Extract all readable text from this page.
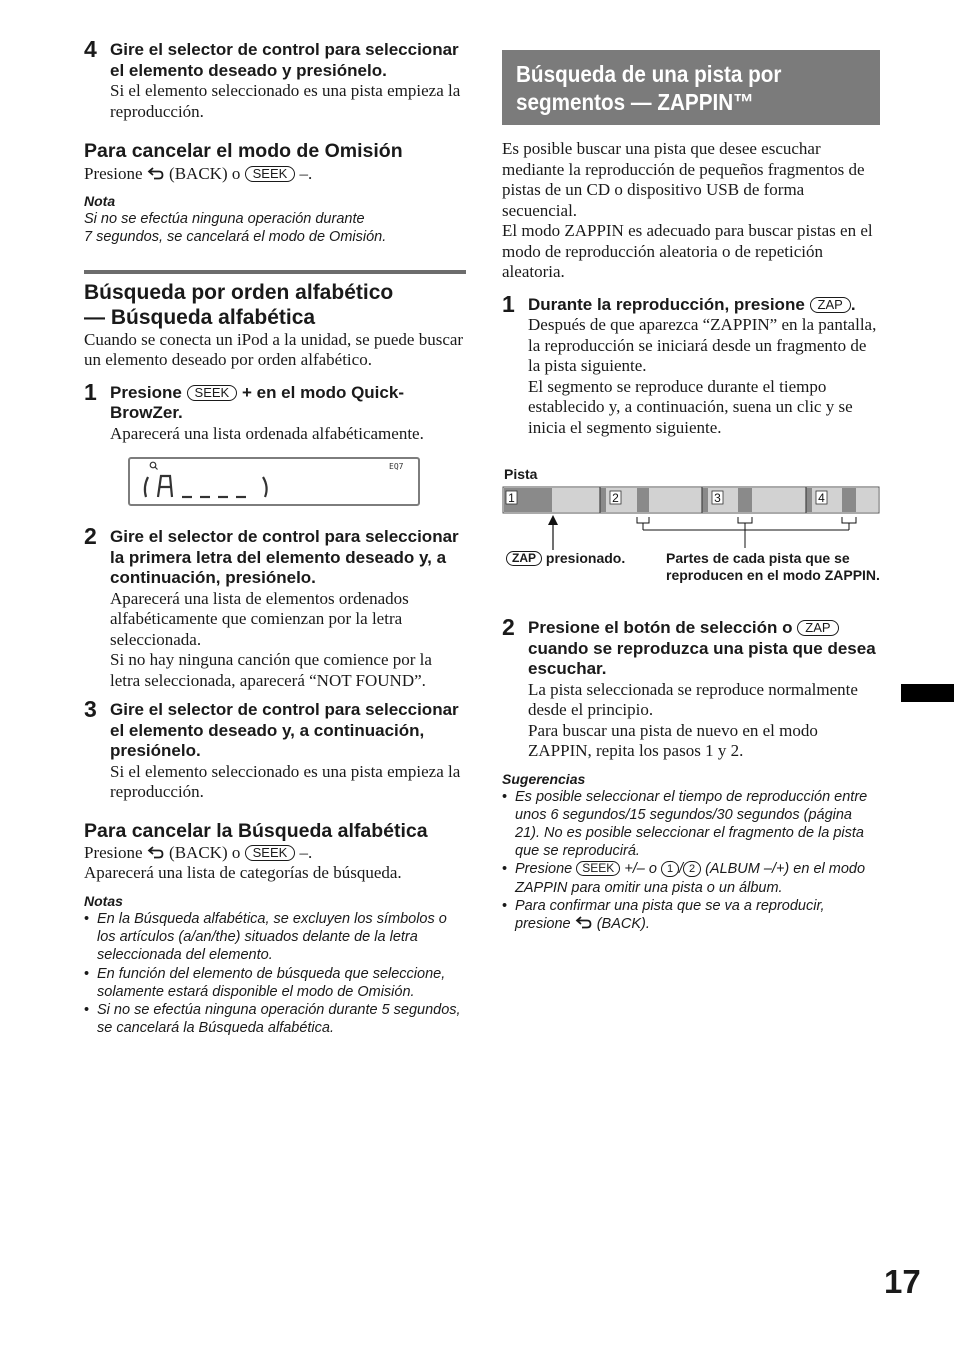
4 Gire el selector de control para seleccionar el elemento deseado y presiónelo.
Si el elemento seleccionado es una pista empieza la reproducción.
Para cancelar el modo de Omisión
Presione (BACK) o SEEK –.
Nota
Si no se efectúa ninguna operación durante
7 segundos, se cancelará el modo de Omisión.
Búsqueda por orden alfabético
— Búsqueda alfabética
Cuando se conecta un iPod a la unidad, se puede buscar un elemento deseado por orden alfabético.
1 Presione SEEK + en el modo Quick-BrowZer.
Aparecerá una lista ordenada alfabéticamente.
EQ7
2 Gire el selector de control para seleccionar la primera letra del elemento deseado y, a continuación, presiónelo.
Aparecerá una lista de elementos ordenados alfabéticamente que comienzan por la letra seleccionada.
Si no hay ninguna canción que comience por la letra seleccionada, aparecerá “NOT FOUND”.
3 Gire el selector de control para seleccionar el elemento deseado y, a continuación, presiónelo.
Si el elemento seleccionado es una pista empieza la reproducción.
Para cancelar la Búsqueda alfabética
Presione (BACK) o SEEK –.
Aparecerá una lista de categorías de búsqueda.
Notas
• En la Búsqueda alfabética, se excluyen los símbolos o los artículos (a/an/the) situados delante de la letra seleccionada del elemento.
• En función del elemento de búsqueda que seleccione, solamente estará disponible el modo de Omisión.
• Si no se efectúa ninguna operación durante 5 segundos, se cancelará la Búsqueda alfabética.
Búsqueda de una pista por
segmentos — ZAPPIN™
Es posible buscar una pista que desee escuchar mediante la reproducción de pequeños fragmentos de pistas de un CD o dispositivo USB de forma secuencial.
El modo ZAPPIN es adecuado para buscar pistas en el modo de reproducción aleatoria o de repetición aleatoria.
1 Durante la reproducción, presione ZAP .
Después de que aparezca “ZAPPIN” en la pantalla, la reproducción se iniciará desde un fragmento de la pista siguiente.
El segmento se reproduce durante el tiempo establecido y, a continuación, suena un clic y se inicia el segmento siguiente.
Pista
1	2	3	4
ZAP presionado.	Partes de cada pista que se reproducen en el modo ZAPPIN.
2 Presione el botón de selección o ZAP cuando se reproduzca una pista que desea escuchar.
La pista seleccionada se reproduce normalmente desde el principio.
Para buscar una pista de nuevo en el modo ZAPPIN, repita los pasos 1 y 2.
Sugerencias
• Es posible seleccionar el tiempo de reproducción entre unos 6 segundos/15 segundos/30 segundos (página 21). No es posible seleccionar el fragmento de la pista que se reproducirá.
• Presione SEEK +/– o 1 / 2 (ALBUM –/+) en el modo ZAPPIN para omitir una pista o un álbum.
• Para confirmar una pista que se va a reproducir, presione (BACK).
17
